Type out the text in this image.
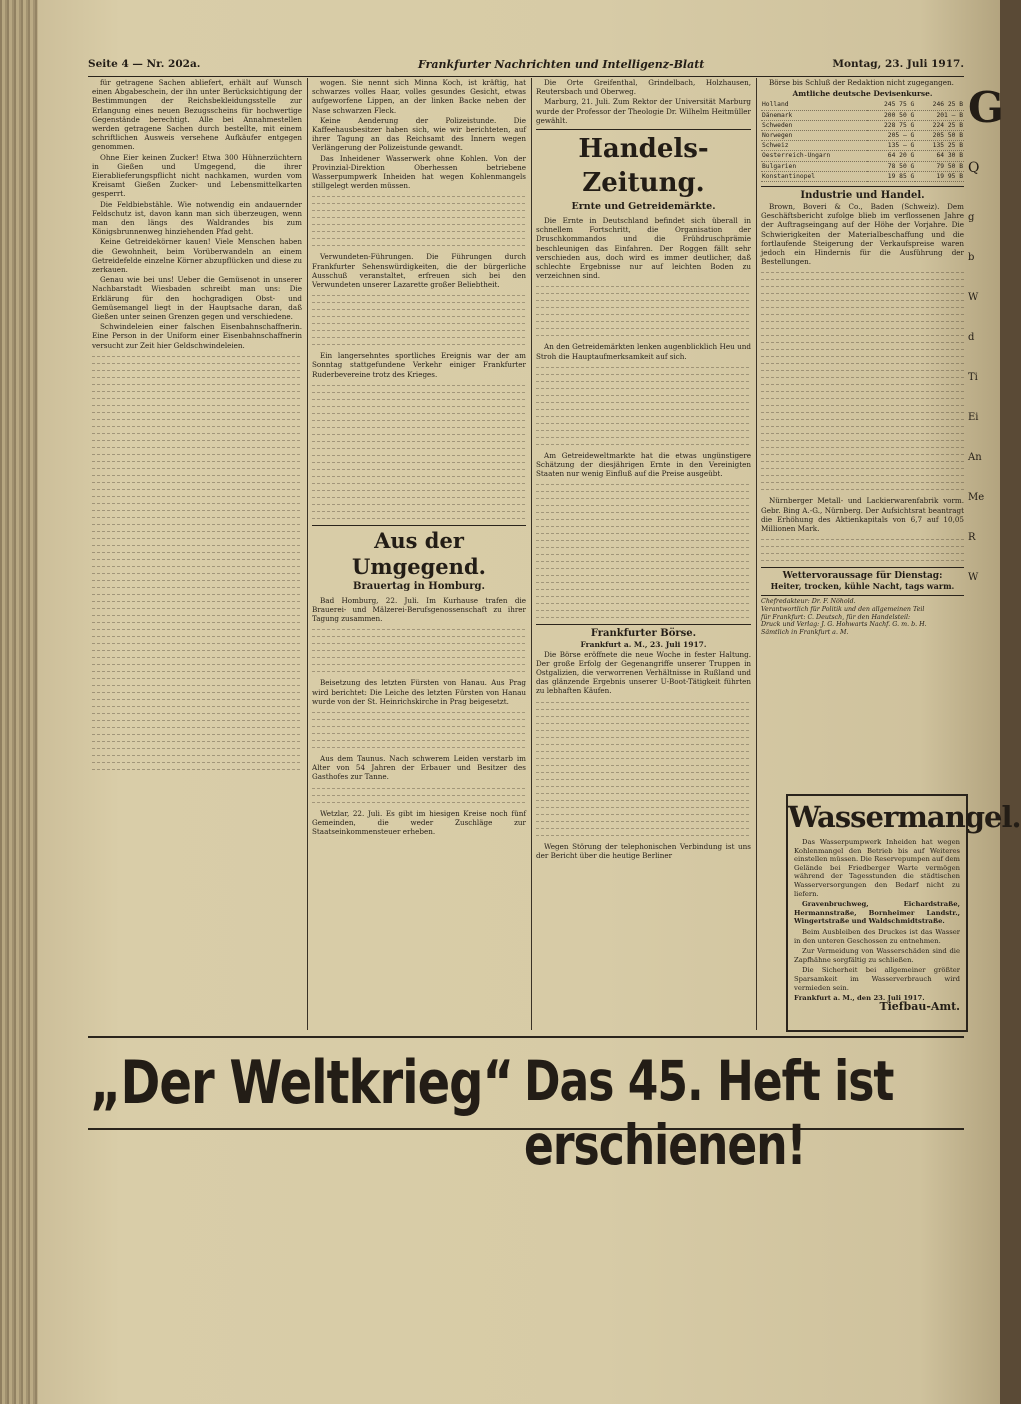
Seite 4 — Nr. 202a.	Frankfurter Nachrichten und Intelligenz-Blatt	Montag, 23. Juli 1917.

für getragene Sachen abliefert, erhält auf Wunsch einen Abgabeschein, der ihn unter Berücksichtigung der Bestimmungen der Reichsbekleidungsstelle zur Erlangung eines neuen Bezugsscheins für hochwertige Gegenstände berechtigt. Alle bei Annahmestellen werden getragene Sachen durch bestellte, mit einem schriftlichen Ausweis versehene Aufkäufer entgegen genommen.

Ohne Eier keinen Zucker! Etwa 300 Hühnerzüchtern in Gießen und Umgegend, die ihrer Eierablieferungspflicht nicht nachkamen, wurden vom Kreisamt Gießen Zucker- und Lebensmittelkarten gesperrt.

Die Feldbiebstähle. Wie notwendig ein andauernder Feldschutz ist, davon kann man sich überzeugen, wenn man den längs des Waldrandes bis zum Königsbrunnenweg hinziehenden Pfad geht.

Keine Getreidekörner kauen! Viele Menschen haben die Gewohnheit, beim Vorüberwandeln an einem Getreidefelde einzelne Körner abzupflücken und diese zu zerkauen.

Genau wie bei uns! Ueber die Gemüsenot in unserer Nachbarstadt Wiesbaden schreibt man uns: Die Erklärung für den hochgradigen Obst- und Gemüsemangel liegt in der Hauptsache daran, daß Gießen unter seinen Grenzen gegen und verschiedene.

Schwindeleien einer falschen Eisenbahnschaffnerin. Eine Person in der Uniform einer Eisenbahnschaffnerin versucht zur Zeit hier Geldschwindeleien.

wogen. Sie nennt sich Minna Koch, ist kräftig, hat schwarzes volles Haar, volles gesundes Gesicht, etwas aufgeworfene Lippen, an der linken Backe neben der Nase schwarzen Fleck.

Keine Aenderung der Polizeistunde. Die Kaffeehausbesitzer haben sich, wie wir berichteten, auf ihrer Tagung an das Reichsamt des Innern wegen Verlängerung der Polizeistunde gewandt.

Das Inheidener Wasserwerk ohne Kohlen. Von der Provinzial-Direktion Oberhessen betriebene Wasserpumpwerk Inheiden hat wegen Kohlenmangels stillgelegt werden müssen.

Verwundeten-Führungen. Die Führungen durch Frankfurter Sehenswürdigkeiten, die der bürgerliche Ausschuß veranstaltet, erfreuen sich bei den Verwundeten unserer Lazarette großer Beliebtheit.

Ein langersehntes sportliches Ereignis war der am Sonntag stattgefundene Verkehr einiger Frankfurter Ruderbevereine trotz des Krieges.

Aus der Umgegend.
Brauertag in Homburg.

Bad Homburg, 22. Juli. Im Kurhause trafen die Brauerei- und Mälzerei-Berufsgenossenschaft zu ihrer Tagung zusammen.

Beisetzung des letzten Fürsten von Hanau. Aus Prag wird berichtet: Die Leiche des letzten Fürsten von Hanau wurde von der St. Heinrichskirche in Prag beigesetzt.

Aus dem Taunus. Nach schwerem Leiden verstarb im Alter von 54 Jahren der Erbauer und Besitzer des Gasthofes zur Tanne.

Wetzlar, 22. Juli. Es gibt im hiesigen Kreise noch fünf Gemeinden, die weder Zuschläge zur Staatseinkommensteuer erheben.

Die Orte Greifenthal, Grindelbach, Holzhausen, Reutersbach und Oberweg.

Marburg, 21. Juli. Zum Rektor der Universität Marburg wurde der Professor der Theologie Dr. Wilhelm Heitmüller gewählt.

Handels-Zeitung.
Ernte und Getreidemärkte.

Die Ernte in Deutschland befindet sich überall in schnellem Fortschritt, die Organisation der Druschkommandos und die Frühdruschprämie beschleunigen das Einfahren. Der Roggen fällt sehr verschieden aus, doch wird es immer deutlicher, daß schlechte Ergebnisse nur auf leichten Boden zu verzeichnen sind.

An den Getreidemärkten lenken augenblicklich Heu und Stroh die Hauptaufmerksamkeit auf sich.

Am Getreideweltmarkte hat die etwas ungünstigere Schätzung der diesjährigen Ernte in den Vereinigten Staaten nur wenig Einfluß auf die Preise ausgeübt.

Frankfurter Börse.
Frankfurt a. M., 23. Juli 1917.

Die Börse eröffnete die neue Woche in fester Haltung. Der große Erfolg der Gegenangriffe unserer Truppen in Ostgalizien, die verworrenen Verhältnisse in Rußland und das glänzende Ergebnis unserer U-Boot-Tätigkeit führten zu lebhaften Käufen.

Wegen Störung der telephonischen Verbindung ist uns der Bericht über die heutige Berliner

Börse bis Schluß der Redaktion nicht zugegangen.

Amtliche deutsche Devisenkurse.
Holland	245 75 G	246 25 B
Dänemark	200 50 G	201 — B
Schweden	228 75 G	224 25 B
Norwegen	205 — G	205 50 B
Schweiz	135 — G	135 25 B
Oesterreich-Ungarn	64 20 G	64 30 B
Bulgarien	78 50 G	79 50 B
Konstantinopel	19 85 G	19 95 B
Industrie und Handel.

Brown, Boveri & Co., Baden (Schweiz). Dem Geschäftsbericht zufolge blieb im verflossenen Jahre der Auftragseingang auf der Höhe der Vorjahre. Die Schwierigkeiten der Materialbeschaffung und die fortlaufende Steigerung der Verkaufspreise waren jedoch ein Hindernis für die Ausführung der Bestellungen.

Nürnberger Metall- und Lackierwarenfabrik vorm. Gebr. Bing A.-G., Nürnberg. Der Aufsichtsrat beantragt die Erhöhung des Aktienkapitals von 6,7 auf 10,05 Millionen Mark.

Wettervoraussage für Dienstag:
Heiter, trocken, kühle Nacht, tags warm.
Chefredakteur: Dr. F. Nöhold.
Verantwortlich für Politik und den allgemeinen Teil
für Frankfurt: C. Deutsch, für den Handelsteil:
Druck und Verlag: J. G. Hohwarts Nachf. G. m. b. H.
Sämtlich in Frankfurt a. M.
Wassermangel.

Das Wasserpumpwerk Inheiden hat wegen Kohlenmangel den Betrieb bis auf Weiteres einstellen müssen. Die Reservepumpen auf dem Gelände bei Friedberger Warte vermögen während der Tagesstunden die städtischen Wasserversorgungen den Bedarf nicht zu liefern.

Gravenbruchweg, Eichardstraße, Hermannstraße, Bornheimer Landstr., Wingertstraße und Waldschmidtstraße.

Beim Ausbleiben des Druckes ist das Wasser in den unteren Geschossen zu entnehmen.

Zur Vermeidung von Wasserschäden sind die Zapfhähne sorgfältig zu schließen.

Die Sicherheit bei allgemeiner größter Sparsamkeit im Wasserverbrauch wird vermieden sein.

Frankfurt a. M., den 23. Juli 1917.

Tiefbau-Amt.

„Der Weltkrieg“ Das 45. Heft ist erschienen!
G
Q
g
b
W
d
Ti
Ei
An
Me
R
W
